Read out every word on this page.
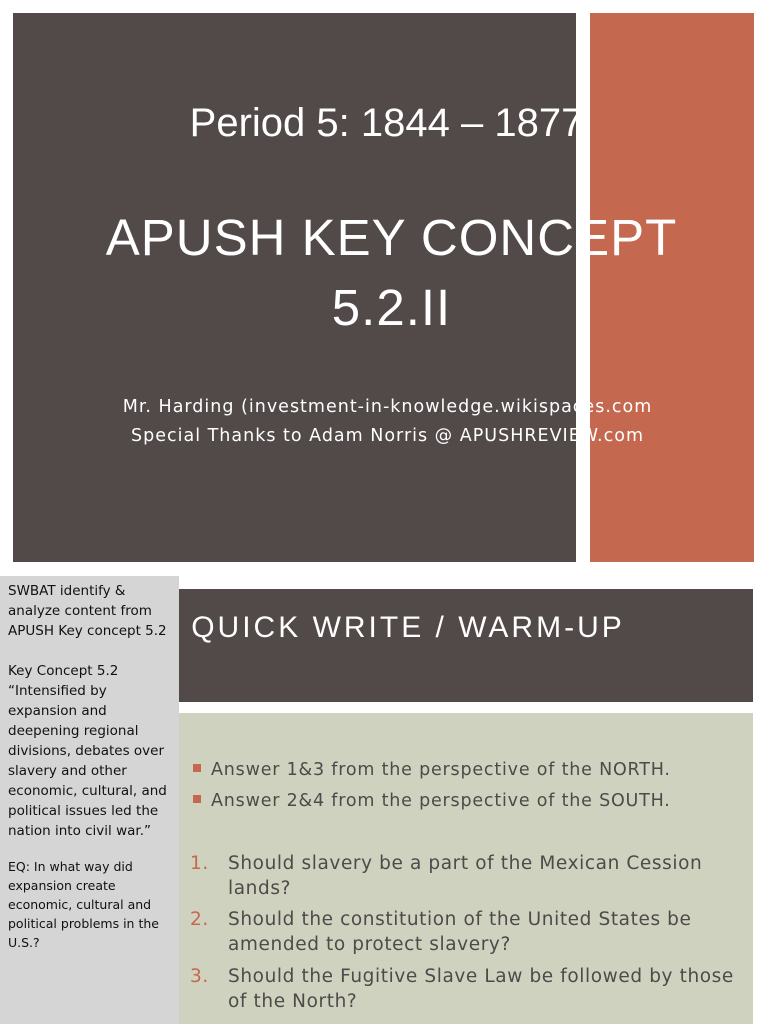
Period 5: 1844 – 1877
APUSH KEY CONCEPT
5.2.II
Mr. Harding (investment-in-knowledge.wikispaces.com
Special Thanks to Adam Norris @ APUSHREVIEW.com

SWBAT identify & analyze content from APUSH Key concept 5.2

Key Concept 5.2 “Intensified by expansion and deepening regional divisions, debates over slavery and other economic, cultural, and political issues led the nation into civil war.”

EQ: In what way did expansion create economic, cultural and political problems in the U.S.?

QUICK WRITE / WARM-UP
Answer 1&3 from the perspective of the NORTH.
Answer 2&4 from the perspective of the SOUTH.
1. Should slavery be a part of the Mexican Cession lands?
2. Should the constitution of the United States be amended to protect slavery?
3. Should the Fugitive Slave Law be followed by those of the North?
